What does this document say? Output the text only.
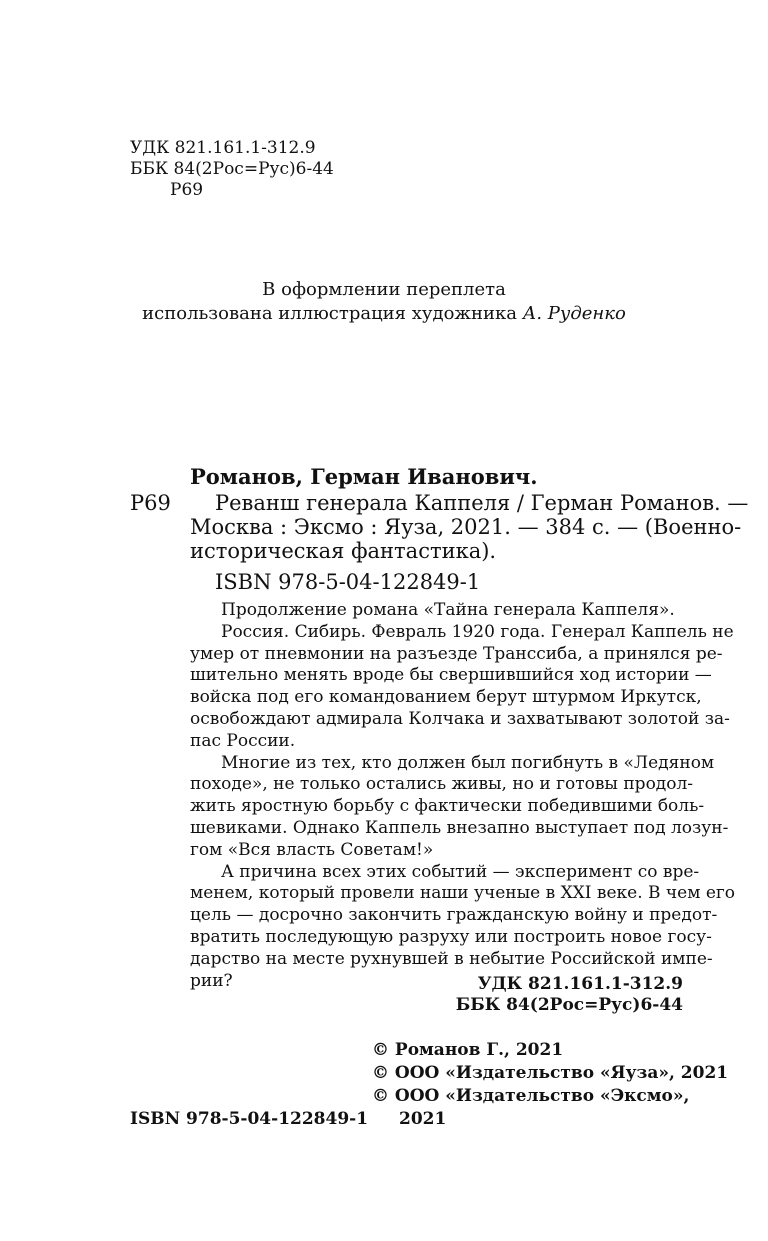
УДК 821.161.1-312.9
ББК 84(2Рос=Рус)6-44
Р69
В оформлении переплета
использована иллюстрация художника А. Руденко
Романов, Герман Иванович.
Р69 Реванш генерала Каппеля / Герман Романов. —
Москва : Эксмо : Яуза, 2021. — 384 с. — (Военно-
историческая фантастика).
ISBN 978-5-04-122849-1
Продолжение романа «Тайна генерала Каппеля».
Россия. Сибирь. Февраль 1920 года. Генерал Каппель не
умер от пневмонии на разъезде Транссиба, а принялся ре-
шительно менять вроде бы свершившийся ход истории —
войска под его командованием берут штурмом Иркутск,
освобождают адмирала Колчака и захватывают золотой за-
пас России.
Многие из тех, кто должен был погибнуть в «Ледяном
походе», не только остались живы, но и готовы продол-
жить яростную борьбу с фактически победившими боль-
шевиками. Однако Каппель внезапно выступает под лозун-
гом «Вся власть Советам!»
А причина всех этих событий — эксперимент со вре-
менем, который провели наши ученые в XXI веке. В чем его
цель — досрочно закончить гражданскую войну и предот-
вратить последующую разруху или построить новое госу-
дарство на месте рухнувшей в небытие Российской импе-
рии?	УДК 821.161.1-312.9
ББК 84(2Рос=Рус)6-44
© Романов Г., 2021
© ООО «Издательство «Яуза», 2021
© ООО «Издательство «Эксмо»,
2021
ISBN 978-5-04-122849-1
